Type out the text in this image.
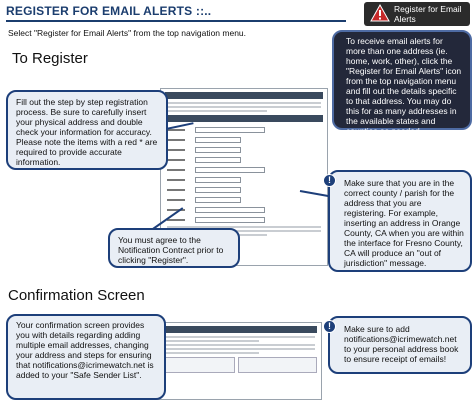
REGISTER FOR EMAIL ALERTS ::..	Register for Email Alerts
Select "Register for Email Alerts" from the top navigation menu.
To Register

To receive email alerts for more than one address (ie. home, work, other), click the "Register for Email Alerts" icon from the top navigation menu and fill out the details specific to that address. You may do this for as many addresses in the available states and counties as needed.
Fill out the step by step registration process. Be sure to carefully insert your physical address and double check your information for accuracy. Please note the items with a red * are required to provide accurate information.
!	Make sure that you are in the correct county / parish for the address that you are registering. For example, inserting an address in Orange County, CA when you are within the interface for Fresno County, CA will produce an "out of jurisdiction" message.
You must agree to the Notification Contract prior to clicking "Register".
Confirmation Screen
Your confirmation screen provides you with details regarding adding multiple email addresses, changing your address and steps for ensuring that notifications@icrimewatch.net is added to your "Safe Sender List".
!	Make sure to add notifications@icrimewatch.net to your personal address book to ensure receipt of emails!
